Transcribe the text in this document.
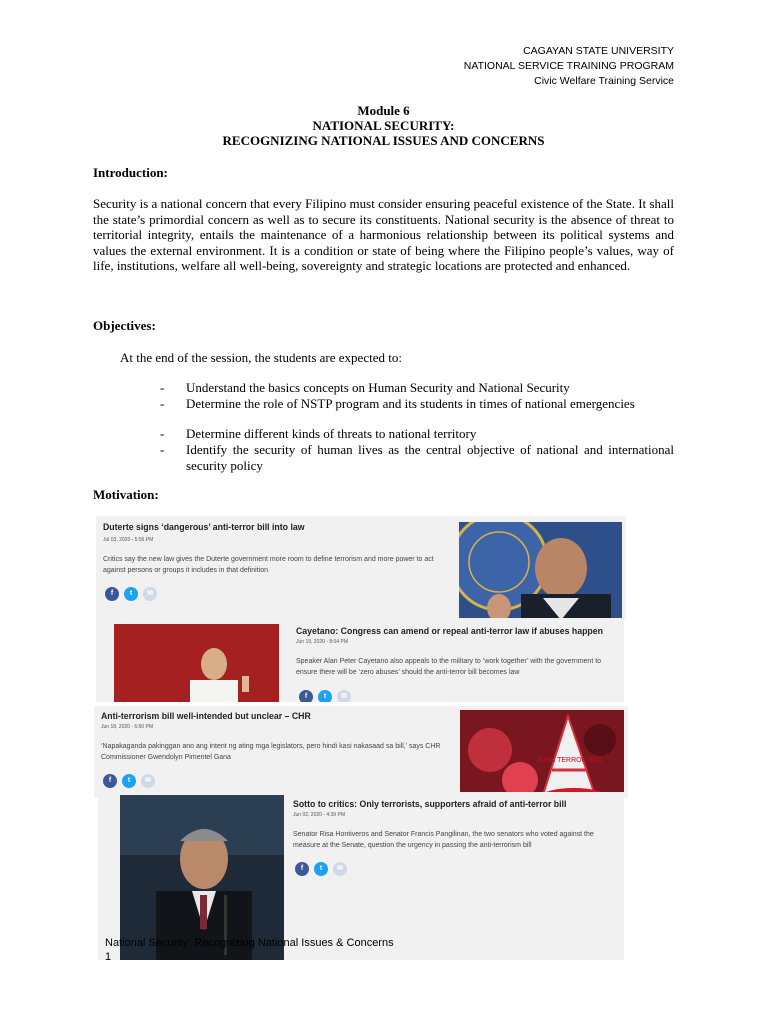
CAGAYAN STATE UNIVERSITY
NATIONAL SERVICE TRAINING PROGRAM
Civic Welfare Training Service
Module 6
NATIONAL SECURITY:
RECOGNIZING NATIONAL ISSUES AND CONCERNS
Introduction:
Security is a national concern that every Filipino must consider ensuring peaceful existence of the State. It shall the state’s primordial concern as well as to secure its constituents. National security is the absence of threat to territorial integrity, entails the maintenance of a harmonious relationship between its political systems and values the external environment. It is a condition or state of being where the Filipino people’s values, way of life, institutions, welfare all well-being, sovereignty and strategic locations are protected and enhanced.
Objectives:
At the end of the session, the students are expected to:
- Understand the basics concepts on Human Security and National Security
- Determine the role of NSTP program and its students in times of national emergencies
- Determine different kinds of threats to national territory
- Identify the security of human lives as the central objective of national and international security policy
Motivation:
Duterte signs ‘dangerous’ anti-terror bill into law
Jul 03, 2020 - 5:56 PM
Critics say the new law gives the Duterte government more room to define terrorism and more power to act against persons or groups it includes in that definition
f	t	✉
Cayetano: Congress can amend or repeal anti-terror law if abuses happen
Jun 19, 2020 - 8:04 PM
Speaker Alan Peter Cayetano also appeals to the military to ‘work together’ with the government to ensure there will be ‘zero abuses’ should the anti-terror bill becomes law
f	t	✉
Anti-terrorism bill well-intended but unclear – CHR
Jun 18, 2020 - 6:50 PM
‘Napakaganda pakinggan ano ang intent ng ating mga legislators, pero hindi kasi nakasaad sa bill,’ says CHR Commissioner Gwendolyn Pimentel Gana
f	t	✉
JUNK TERROR BILL
Sotto to critics: Only terrorists, supporters afraid of anti-terror bill
Jun 02, 2020 - 4:39 PM
Senator Risa Hontiveros and Senator Francis Pangilinan, the two senators who voted against the measure at the Senate, question the urgency in passing the anti-terrorism bill
f	t	✉
National Security: Recognizing National Issues & Concerns
1
